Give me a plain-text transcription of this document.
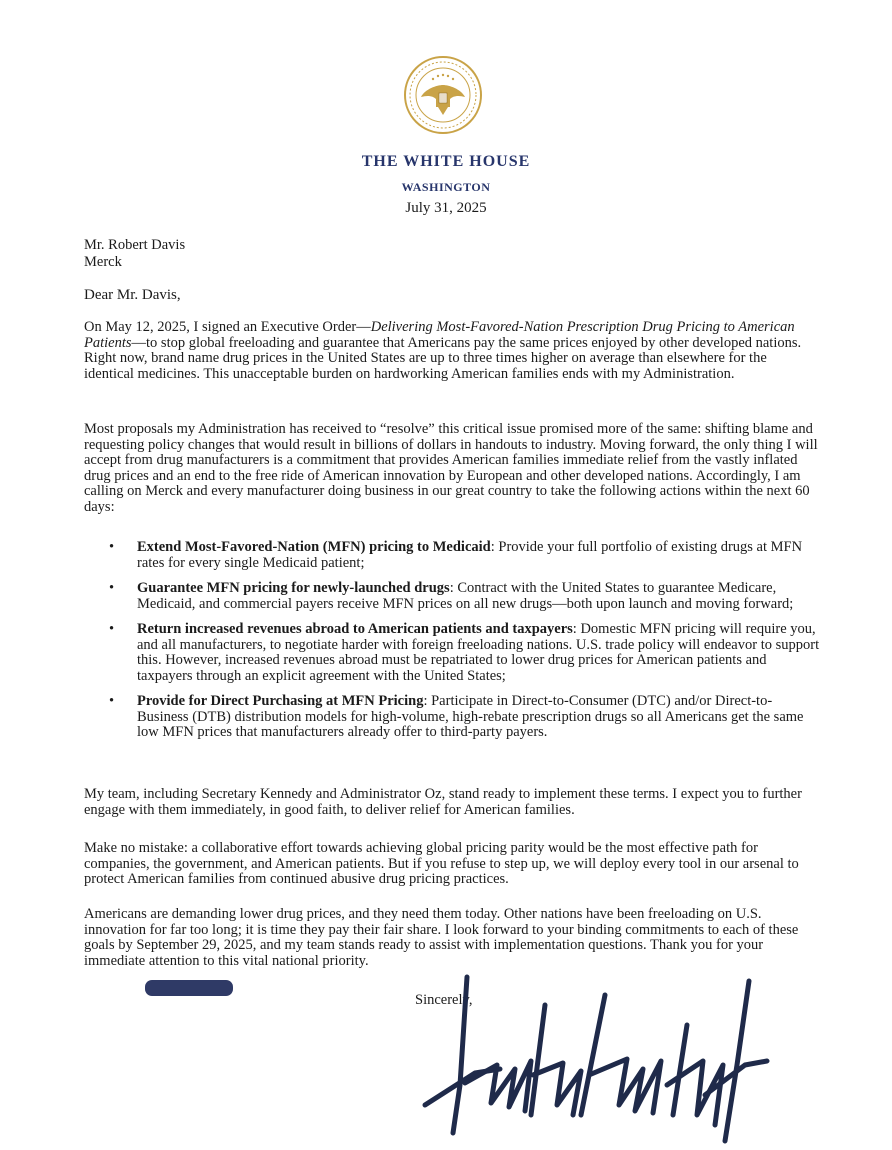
THE WHITE HOUSE
WASHINGTON
July 31, 2025
Mr. Robert Davis
Merck
Dear Mr. Davis,
On May 12, 2025, I signed an Executive Order—Delivering Most-Favored-Nation Prescription Drug Pricing to American Patients—to stop global freeloading and guarantee that Americans pay the same prices enjoyed by other developed nations. Right now, brand name drug prices in the United States are up to three times higher on average than elsewhere for the identical medicines. This unacceptable burden on hardworking American families ends with my Administration.
Most proposals my Administration has received to “resolve” this critical issue promised more of the same: shifting blame and requesting policy changes that would result in billions of dollars in handouts to industry. Moving forward, the only thing I will accept from drug manufacturers is a commitment that provides American families immediate relief from the vastly inflated drug prices and an end to the free ride of American innovation by European and other developed nations. Accordingly, I am calling on Merck and every manufacturer doing business in our great country to take the following actions within the next 60 days:
• Extend Most-Favored-Nation (MFN) pricing to Medicaid: Provide your full portfolio of existing drugs at MFN rates for every single Medicaid patient;
• Guarantee MFN pricing for newly-launched drugs: Contract with the United States to guarantee Medicare, Medicaid, and commercial payers receive MFN prices on all new drugs—both upon launch and moving forward;
• Return increased revenues abroad to American patients and taxpayers: Domestic MFN pricing will require you, and all manufacturers, to negotiate harder with foreign freeloading nations. U.S. trade policy will endeavor to support this. However, increased revenues abroad must be repatriated to lower drug prices for American patients and taxpayers through an explicit agreement with the United States;
• Provide for Direct Purchasing at MFN Pricing: Participate in Direct-to-Consumer (DTC) and/or Direct-to-Business (DTB) distribution models for high-volume, high-rebate prescription drugs so all Americans get the same low MFN prices that manufacturers already offer to third-party payers.
My team, including Secretary Kennedy and Administrator Oz, stand ready to implement these terms. I expect you to further engage with them immediately, in good faith, to deliver relief for American families.
Make no mistake: a collaborative effort towards achieving global pricing parity would be the most effective path for companies, the government, and American patients. But if you refuse to step up, we will deploy every tool in our arsenal to protect American families from continued abusive drug pricing practices.
Americans are demanding lower drug prices, and they need them today. Other nations have been freeloading on U.S. innovation for far too long; it is time they pay their fair share. I look forward to your binding commitments to each of these goals by September 29, 2025, and my team stands ready to assist with implementation questions. Thank you for your immediate attention to this vital national priority.
Sincerely,
